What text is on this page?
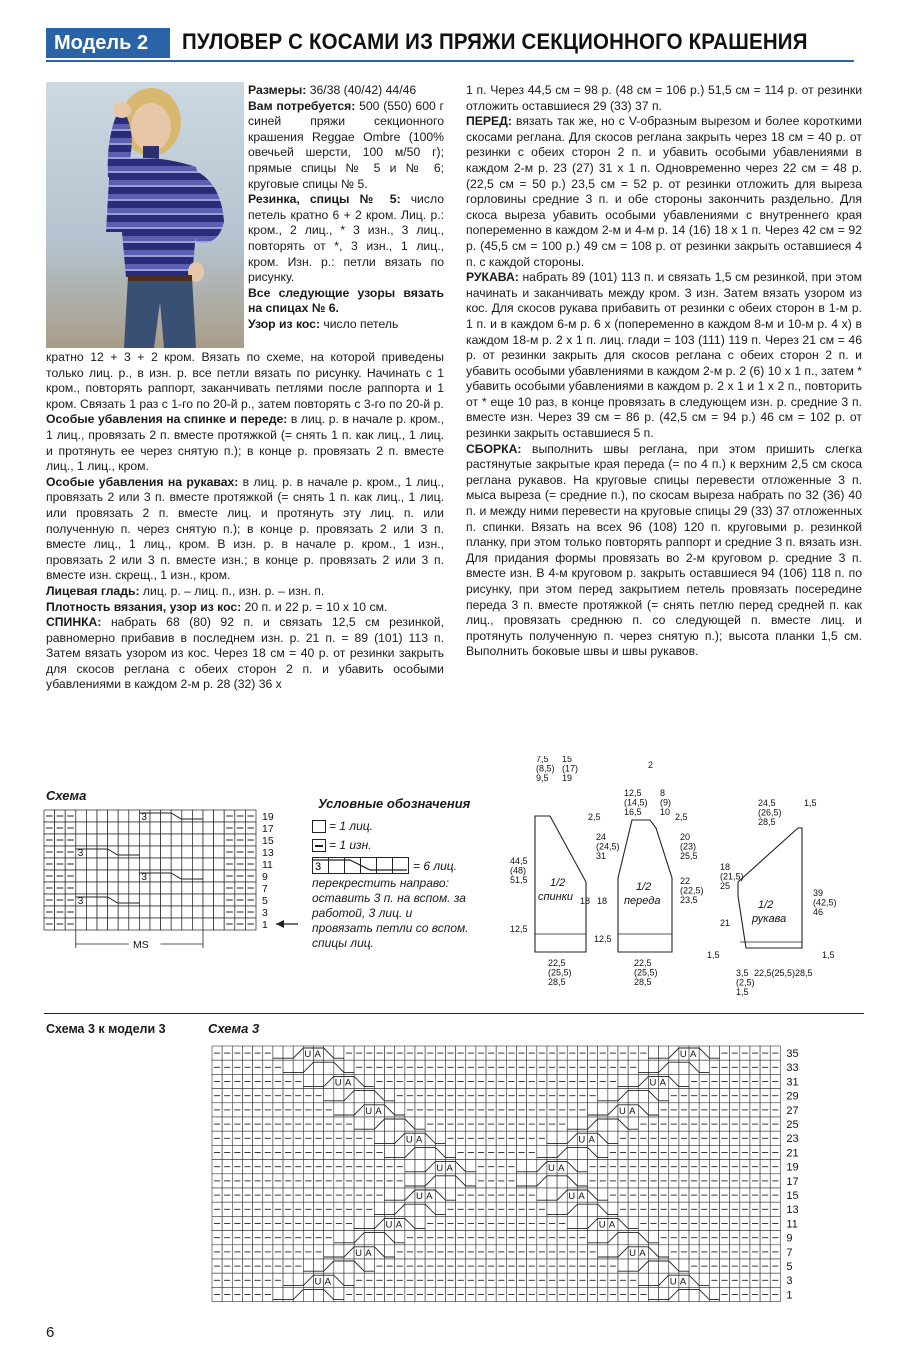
Модель 2	ПУЛОВЕР С КОСАМИ ИЗ ПРЯЖИ СЕКЦИОННОГО КРАШЕНИЯ

Размеры: 36/38 (40/42) 44/46

Вам потребуется: 500 (550) 600 г синей пряжи секционного крашения Reggae Ombre (100% овечьей шерсти, 100 м/50 г); прямые спицы № 5 и № 6; круговые спицы № 5.

Резинка, спицы № 5: число петель кратно 6 + 2 кром. Лиц. р.: кром., 2 лиц., * 3 изн., 3 лиц., повторять от *, 3 изн., 1 лиц., кром. Изн. р.: петли вязать по рисунку.

Все следующие узоры вязать на спицах № 6.

Узор из кос: число петель

кратно 12 + 3 + 2 кром. Вязать по схеме, на которой приведены только лиц. р., в изн. р. все петли вязать по рисунку. Начинать с 1 кром., повторять раппорт, заканчивать петлями после раппорта и 1 кром. Связать 1 раз с 1-го по 20-й р., затем повторять с 3-го по 20-й р.

Особые убавления на спинке и переде: в лиц. р. в начале р. кром., 1 лиц., провязать 2 п. вместе протяжкой (= снять 1 п. как лиц., 1 лиц. и протянуть ее через снятую п.); в конце р. провязать 2 п. вместе лиц., 1 лиц., кром.

Особые убавления на рукавах: в лиц. р. в начале р. кром., 1 лиц., провязать 2 или 3 п. вместе протяжкой (= снять 1 п. как лиц., 1 лиц. или провязать 2 п. вместе лиц. и протянуть эту лиц. п. или полученную п. через снятую п.); в конце р. провязать 2 или 3 п. вместе лиц., 1 лиц., кром. В изн. р. в начале р. кром., 1 изн., провязать 2 или 3 п. вместе изн.; в конце р. провязать 2 или 3 п. вместе изн. скрещ., 1 изн., кром.

Лицевая гладь: лиц. р. – лиц. п., изн. р. – изн. п.

Плотность вязания, узор из кос: 20 п. и 22 р. = 10 х 10 см.

СПИНКА: набрать 68 (80) 92 п. и связать 12,5 см резинкой, равномерно прибавив в последнем изн. р. 21 п. = 89 (101) 113 п. Затем вязать узором из кос. Через 18 см = 40 р. от резинки закрыть для скосов реглана с обеих сторон 2 п. и убавить особыми убавлениями в каждом 2-м р. 28 (32) 36 х

1 п. Через 44,5 см = 98 р. (48 см = 106 р.) 51,5 см = 114 р. от резинки отложить оставшиеся 29 (33) 37 п.

ПЕРЕД: вязать так же, но с V-образным вырезом и более короткими скосами реглана. Для скосов реглана закрыть через 18 см = 40 р. от резинки с обеих сторон 2 п. и убавить особыми убавлениями в каждом 2-м р. 23 (27) 31 х 1 п. Одновременно через 22 см = 48 р. (22,5 см = 50 р.) 23,5 см = 52 р. от резинки отложить для выреза горловины средние 3 п. и обе стороны закончить раздельно. Для скоса выреза убавить особыми убавлениями с внутреннего края попеременно в каждом 2-м и 4-м р. 14 (16) 18 х 1 п. Через 42 см = 92 р. (45,5 см = 100 р.) 49 см = 108 р. от резинки закрыть оставшиеся 4 п. с каждой стороны.

РУКАВА: набрать 89 (101) 113 п. и связать 1,5 см резинкой, при этом начинать и заканчивать между кром. 3 изн. Затем вязать узором из кос. Для скосов рукава прибавить от резинки с обеих сторон в 1-м р. 1 п. и в каждом 6-м р. 6 х (попеременно в каждом 8-м и 10-м р. 4 х) в каждом 18-м р. 2 х 1 п. лиц. глади = 103 (111) 119 п. Через 21 см = 46 р. от резинки закрыть для скосов реглана с обеих сторон 2 п. и убавить особыми убавлениями в каждом 2-м р. 2 (6) 10 х 1 п., затем * убавить особыми убавлениями в каждом р. 2 х 1 и 1 х 2 п., повторить от * еще 10 раз, в конце провязать в следующем изн. р. средние 3 п. вместе изн. Через 39 см = 86 р. (42,5 см = 94 р.) 46 см = 102 р. от резинки закрыть оставшиеся 5 п.

СБОРКА: выполнить швы реглана, при этом пришить слегка растянутые закрытые края переда (= по 4 п.) к верхним 2,5 см скоса реглана рукавов. На круговые спицы перевести отложенные 3 п. мыса выреза (= средние п.), по скосам выреза набрать по 32 (36) 40 п. и между ними перевести на круговые спицы 29 (33) 37 отложенных п. спинки. Вязать на всех 96 (108) 120 п. круговыми р. резинкой планку, при этом только повторять раппорт и средние 3 п. вязать изн. Для придания формы провязать во 2-м круговом р. средние 3 п. вместе изн. В 4-м круговом р. закрыть оставшиеся 94 (106) 118 п. по рисунку, при этом перед закрытием петель провязать посередине переда 3 п. вместе протяжкой (= снять петлю перед средней п. как лиц., провязать среднюю п. со следующей п. вместе лиц. и протянуть полученную п. через снятую п.); высота планки 1,5 см. Выполнить боковые швы и швы рукавов.

Схема
3
3
3
3
19
17
15
13
11
9
7
5
3
1
MS
Условные обозначения
= 1 лиц.
= 1 изн.
3	= 6 лиц.
перекрестить направо: оставить 3 п. на вспом. за работой, 3 лиц. и провязать петли со вспом. спицы лиц.
1/2
спинки
7,5
(8,5)
9,5
15
(17)
19
44,5
(48)
51,5
24
(24,5)
31
18
12,5
22,5
(25,5)
28,5
2,5
1/2
переда
12,5
(14,5)
16,5
8
(9)
10
2
20
(23)
25,5
22
(22,5)
23,5
18
12,5
22,5
(25,5)
28,5
2,5
1/2
рукава
24,5
(26,5)
28,5
1,5
18
(21,5)
25
21
39
(42,5)
46
1,5	1,5
3,5
(2,5)
1,5
22,5(25,5)28,5
Схема 3 к модели 3	Схема 3
U A	U A
U A	U A
U A	U A
U A	U A
U A	U A
U A	U A
U A	U A
U A	U A
U A	U A
35
33
31
29
27
25
23
21
19
17
15
13
11
9
7
5
3
1
6
